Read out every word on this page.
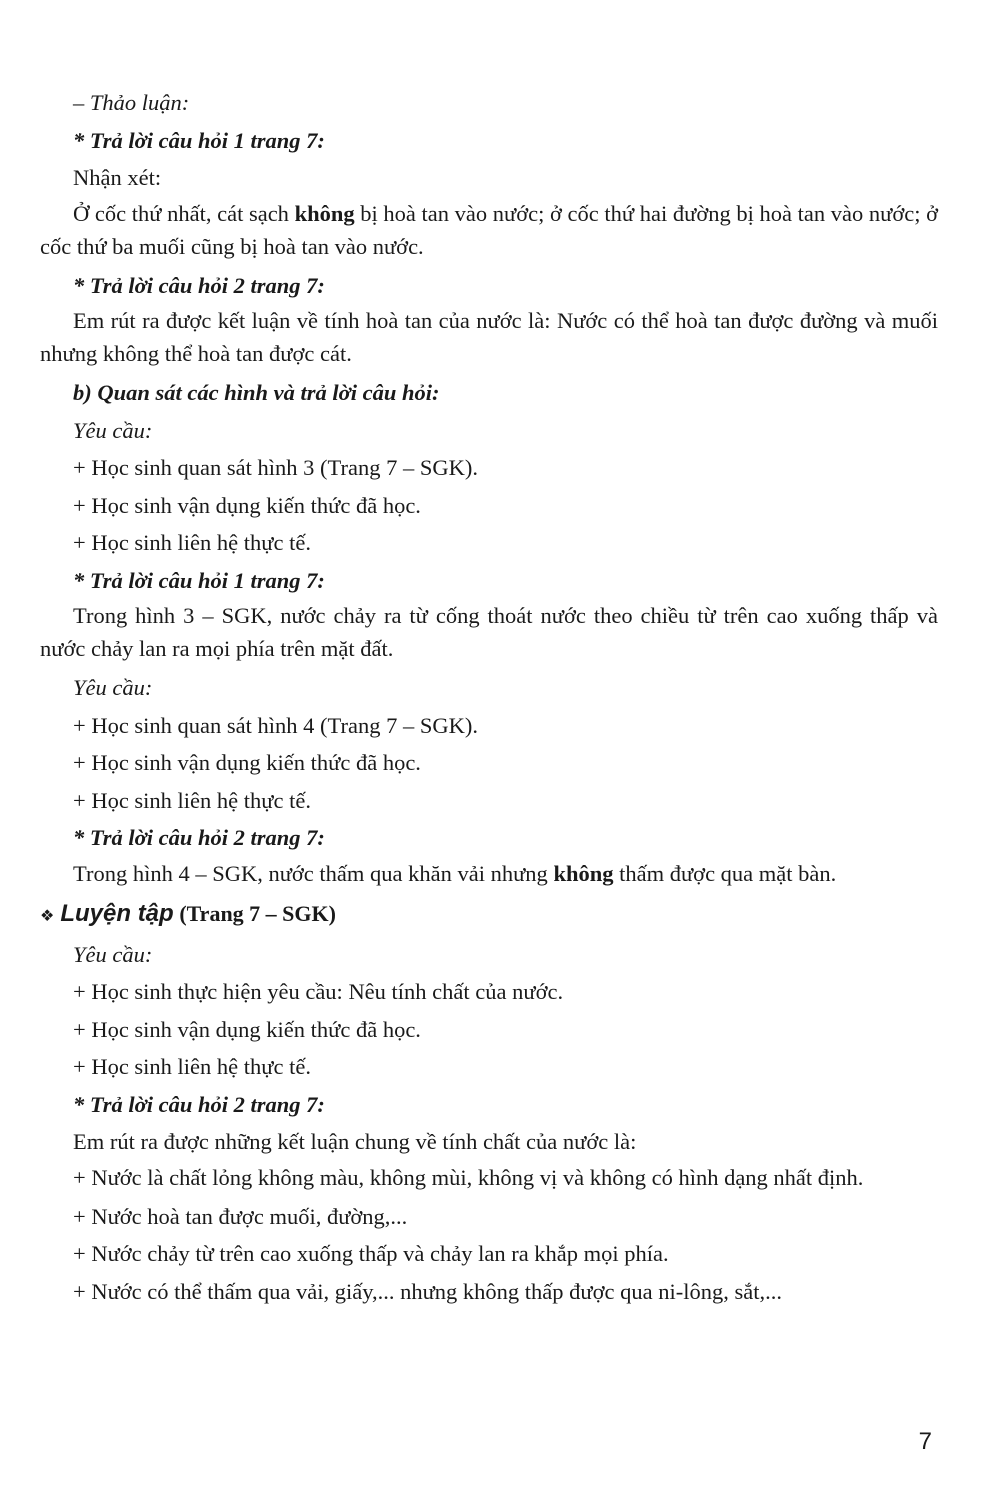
– Thảo luận:

* Trả lời câu hỏi 1 trang 7:

Nhận xét:

Ở cốc thứ nhất, cát sạch không bị hoà tan vào nước; ở cốc thứ hai đường bị hoà tan vào nước; ở cốc thứ ba muối cũng bị hoà tan vào nước.

* Trả lời câu hỏi 2 trang 7:

Em rút ra được kết luận về tính hoà tan của nước là: Nước có thể hoà tan được đường và muối nhưng không thể hoà tan được cát.

b) Quan sát các hình và trả lời câu hỏi:

Yêu cầu:

+ Học sinh quan sát hình 3 (Trang 7 – SGK).

+ Học sinh vận dụng kiến thức đã học.

+ Học sinh liên hệ thực tế.

* Trả lời câu hỏi 1 trang 7:

Trong hình 3 – SGK, nước chảy ra từ cống thoát nước theo chiều từ trên cao xuống thấp và nước chảy lan ra mọi phía trên mặt đất.

Yêu cầu:

+ Học sinh quan sát hình 4 (Trang 7 – SGK).

+ Học sinh vận dụng kiến thức đã học.

+ Học sinh liên hệ thực tế.

* Trả lời câu hỏi 2 trang 7:

Trong hình 4 – SGK, nước thấm qua khăn vải nhưng không thấm được qua mặt bàn.

❖ Luyện tập (Trang 7 – SGK)

Yêu cầu:

+ Học sinh thực hiện yêu cầu: Nêu tính chất của nước.

+ Học sinh vận dụng kiến thức đã học.

+ Học sinh liên hệ thực tế.

* Trả lời câu hỏi 2 trang 7:

Em rút ra được những kết luận chung về tính chất của nước là:

+ Nước là chất lỏng không màu, không mùi, không vị và không có hình dạng nhất định.

+ Nước hoà tan được muối, đường,...

+ Nước chảy từ trên cao xuống thấp và chảy lan ra khắp mọi phía.

+ Nước có thể thấm qua vải, giấy,... nhưng không thấp được qua ni-lông, sắt,...

7
